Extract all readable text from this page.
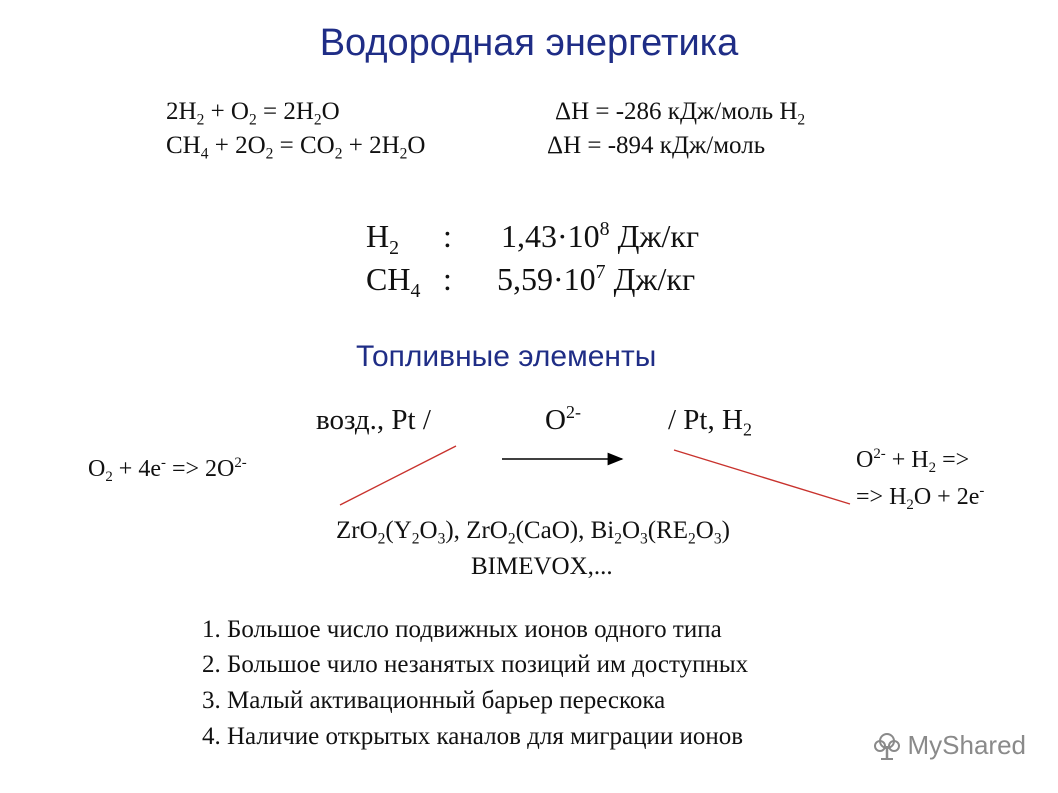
Водородная энергетика
$2H_2 + O_2 = 2H_2O$	ΔH = -286 кДж/моль $H_2$
$CH_4 + 2O_2 = CO_2 + 2H_2O$	ΔH = -894 кДж/моль
$H_2$ : $1,43\cdot 10^8$ Дж/кг
$CH_4$ : $5,59\cdot 10^7$ Дж/кг
Топливные элементы
возд., Pt /	$O^{2-}$	/ Pt, $H_2$
$O_2 + 4e^- => 2O^{2-}$	$O^{2-} + H_2$ =>
=> $H_2O + 2e^-$
$ZrO_2(Y_2O_3)$, ZrO$_2$(CaO), $Bi_2O_3(RE_2O_3)$
BIMEVOX,...
1. Большое число подвижных ионов одного типа
2. Большое чило незанятых позиций им доступных
3. Малый активационный барьер перескока
4. Наличие открытых каналов для миграции ионов	MyShared
